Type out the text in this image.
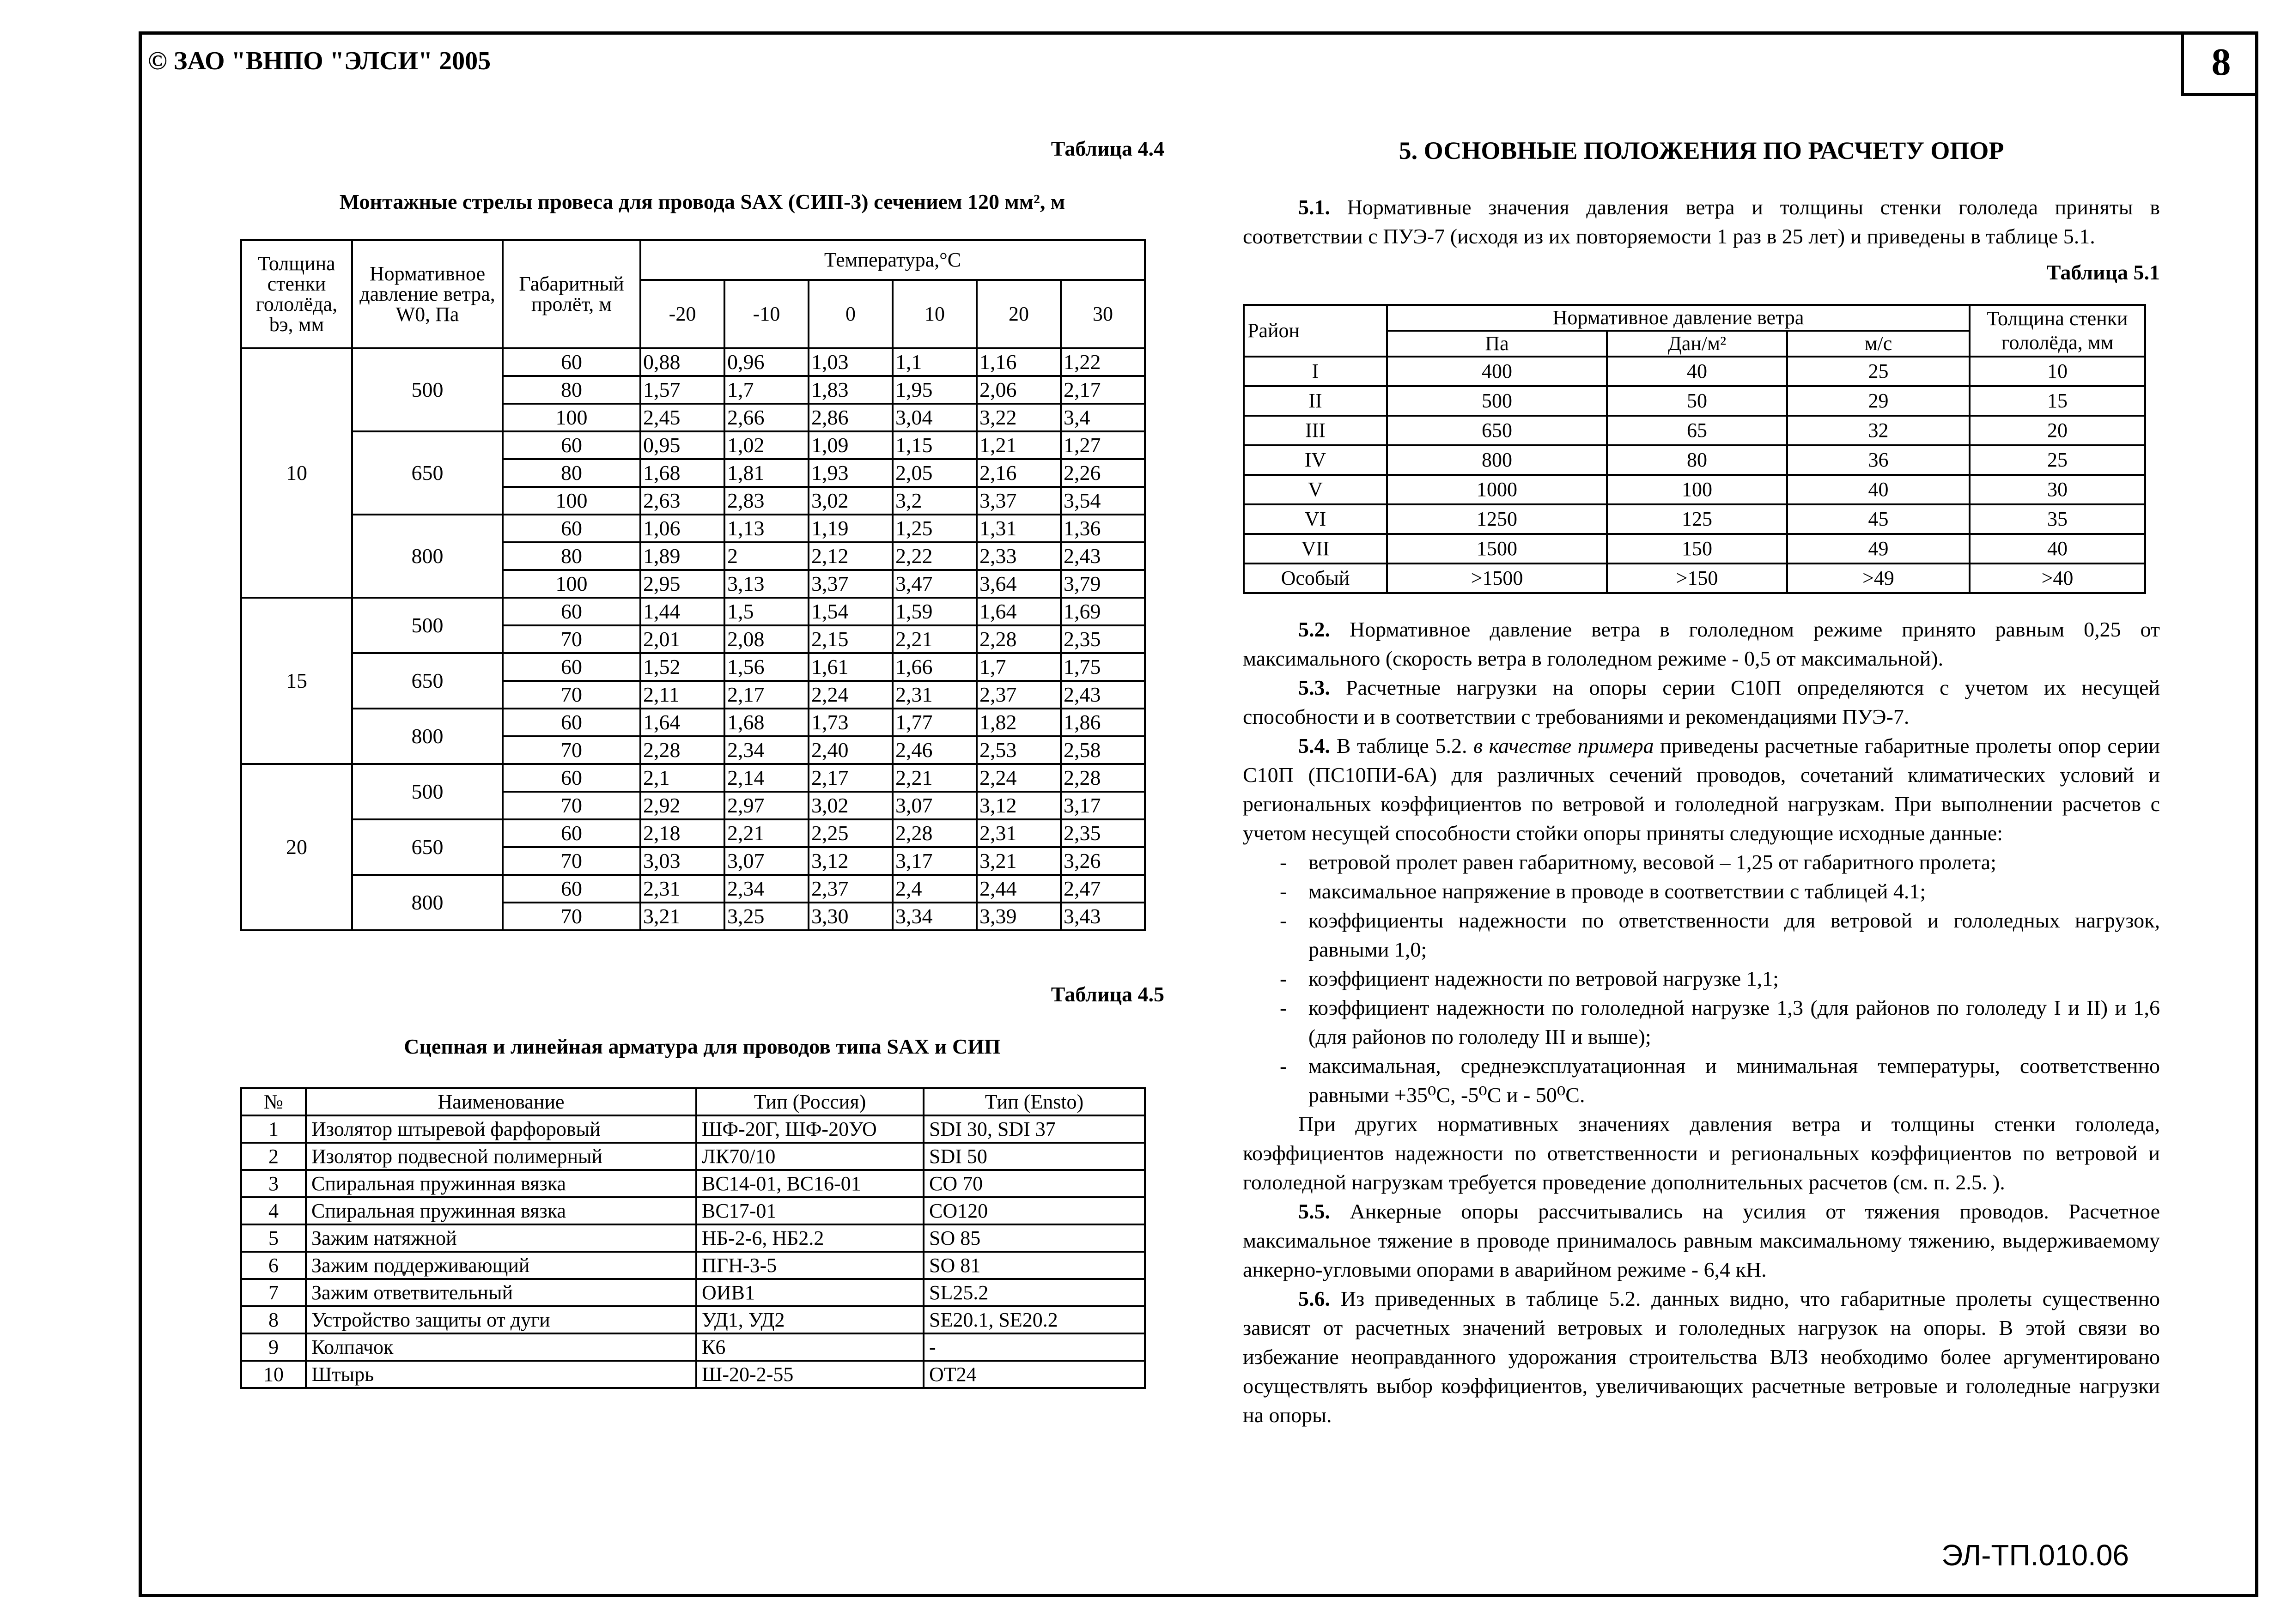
© ЗАО "ВНПО "ЭЛСИ" 2005	8
Таблица 4.4
Монтажные стрелы провеса для провода SAX (СИП-3) сечением 120 мм², м
Толщина стенки гололёда, bэ, мм	Нормативное давление ветра, W0, Па	Габаритный пролёт, м	Температура,°С					
			-20	-10	0	10	20	30
10	500	60	0,88	0,96	1,03	1,1	1,16	1,22
		80	1,57	1,7	1,83	1,95	2,06	2,17
		100	2,45	2,66	2,86	3,04	3,22	3,4
	650	60	0,95	1,02	1,09	1,15	1,21	1,27
		80	1,68	1,81	1,93	2,05	2,16	2,26
		100	2,63	2,83	3,02	3,2	3,37	3,54
	800	60	1,06	1,13	1,19	1,25	1,31	1,36
		80	1,89	2	2,12	2,22	2,33	2,43
		100	2,95	3,13	3,37	3,47	3,64	3,79
15	500	60	1,44	1,5	1,54	1,59	1,64	1,69
		70	2,01	2,08	2,15	2,21	2,28	2,35
	650	60	1,52	1,56	1,61	1,66	1,7	1,75
		70	2,11	2,17	2,24	2,31	2,37	2,43
	800	60	1,64	1,68	1,73	1,77	1,82	1,86
		70	2,28	2,34	2,40	2,46	2,53	2,58
20	500	60	2,1	2,14	2,17	2,21	2,24	2,28
		70	2,92	2,97	3,02	3,07	3,12	3,17
	650	60	2,18	2,21	2,25	2,28	2,31	2,35
		70	3,03	3,07	3,12	3,17	3,21	3,26
	800	60	2,31	2,34	2,37	2,4	2,44	2,47
		70	3,21	3,25	3,30	3,34	3,39	3,43
Таблица 4.5
Сцепная и линейная арматура для проводов типа SAX и СИП
№	Наименование	Тип (Россия)	Тип (Ensto)
1	Изолятор штыревой фарфоровый	ШФ-20Г, ШФ-20УО	SDI 30, SDI 37
2	Изолятор подвесной полимерный	ЛК70/10	SDI 50
3	Спиральная пружинная вязка	ВС14-01, ВС16-01	CO 70
4	Спиральная пружинная вязка	ВС17-01	CO120
5	Зажим натяжной	НБ-2-6, НБ2.2	SO 85
6	Зажим поддерживающий	ПГН-3-5	SO 81
7	Зажим ответвительный	ОИВ1	SL25.2
8	Устройство защиты от дуги	УД1, УД2	SE20.1, SE20.2
9	Колпачок	К6	-
10	Штырь	Ш-20-2-55	OT24
5. ОСНОВНЫЕ ПОЛОЖЕНИЯ ПО РАСЧЕТУ ОПОР

5.1. Нормативные значения давления ветра и толщины стенки гололеда приняты в соответствии с ПУЭ-7 (исходя из их повторяемости 1 раз в 25 лет) и приведены в таблице 5.1.

Таблица 5.1
Район	Нормативное давление ветра			Толщина стенки гололёда, мм
	Па	Дан/м²	м/с	
I	400	40	25	10
II	500	50	29	15
III	650	65	32	20
IV	800	80	36	25
V	1000	100	40	30
VI	1250	125	45	35
VII	1500	150	49	40
Особый	>1500	>150	>49	>40

5.2. Нормативное давление ветра в гололедном режиме принято равным 0,25 от максимального (скорость ветра в гололедном режиме - 0,5 от максимальной).

5.3. Расчетные нагрузки на опоры серии С10П определяются с учетом их несущей способности и в соответствии с требованиями и рекомендациями ПУЭ-7.

5.4. В таблице 5.2. в качестве примера приведены расчетные габаритные пролеты опор серии С10П (ПС10ПИ-6А) для различных сечений проводов, сочетаний климатических условий и региональных коэффициентов по ветровой и гололедной нагрузкам. При выполнении расчетов с учетом несущей способности стойки опоры приняты следующие исходные данные:

- ветровой пролет равен габаритному, весовой – 1,25 от габаритного пролета;
- максимальное напряжение в проводе в соответствии с таблицей 4.1;
- коэффициенты надежности по ответственности для ветровой и гололедных нагрузок, равными 1,0;
- коэффициент надежности по ветровой нагрузке 1,1;
- коэффициент надежности по гололедной нагрузке 1,3 (для районов по гололеду I и II) и 1,6 (для районов по гололеду III и выше);
- максимальная, среднеэксплуатационная и минимальная температуры, соответственно равными +35⁰С, -5⁰С и - 50⁰С.

При других нормативных значениях давления ветра и толщины стенки гололеда, коэффициентов надежности по ответственности и региональных коэффициентов по ветровой и гололедной нагрузкам требуется проведение дополнительных расчетов (см. п. 2.5. ).

5.5. Анкерные опоры рассчитывались на усилия от тяжения проводов. Расчетное максимальное тяжение в проводе принималось равным максимальному тяжению, выдерживаемому анкерно-угловыми опорами в аварийном режиме - 6,4 кН.

5.6. Из приведенных в таблице 5.2. данных видно, что габаритные пролеты существенно зависят от расчетных значений ветровых и гололедных нагрузок на опоры. В этой связи во избежание неоправданного удорожания строительства ВЛЗ необходимо более аргументировано осуществлять выбор коэффициентов, увеличивающих расчетные ветровые и гололедные нагрузки на опоры.

ЭЛ-ТП.010.06
